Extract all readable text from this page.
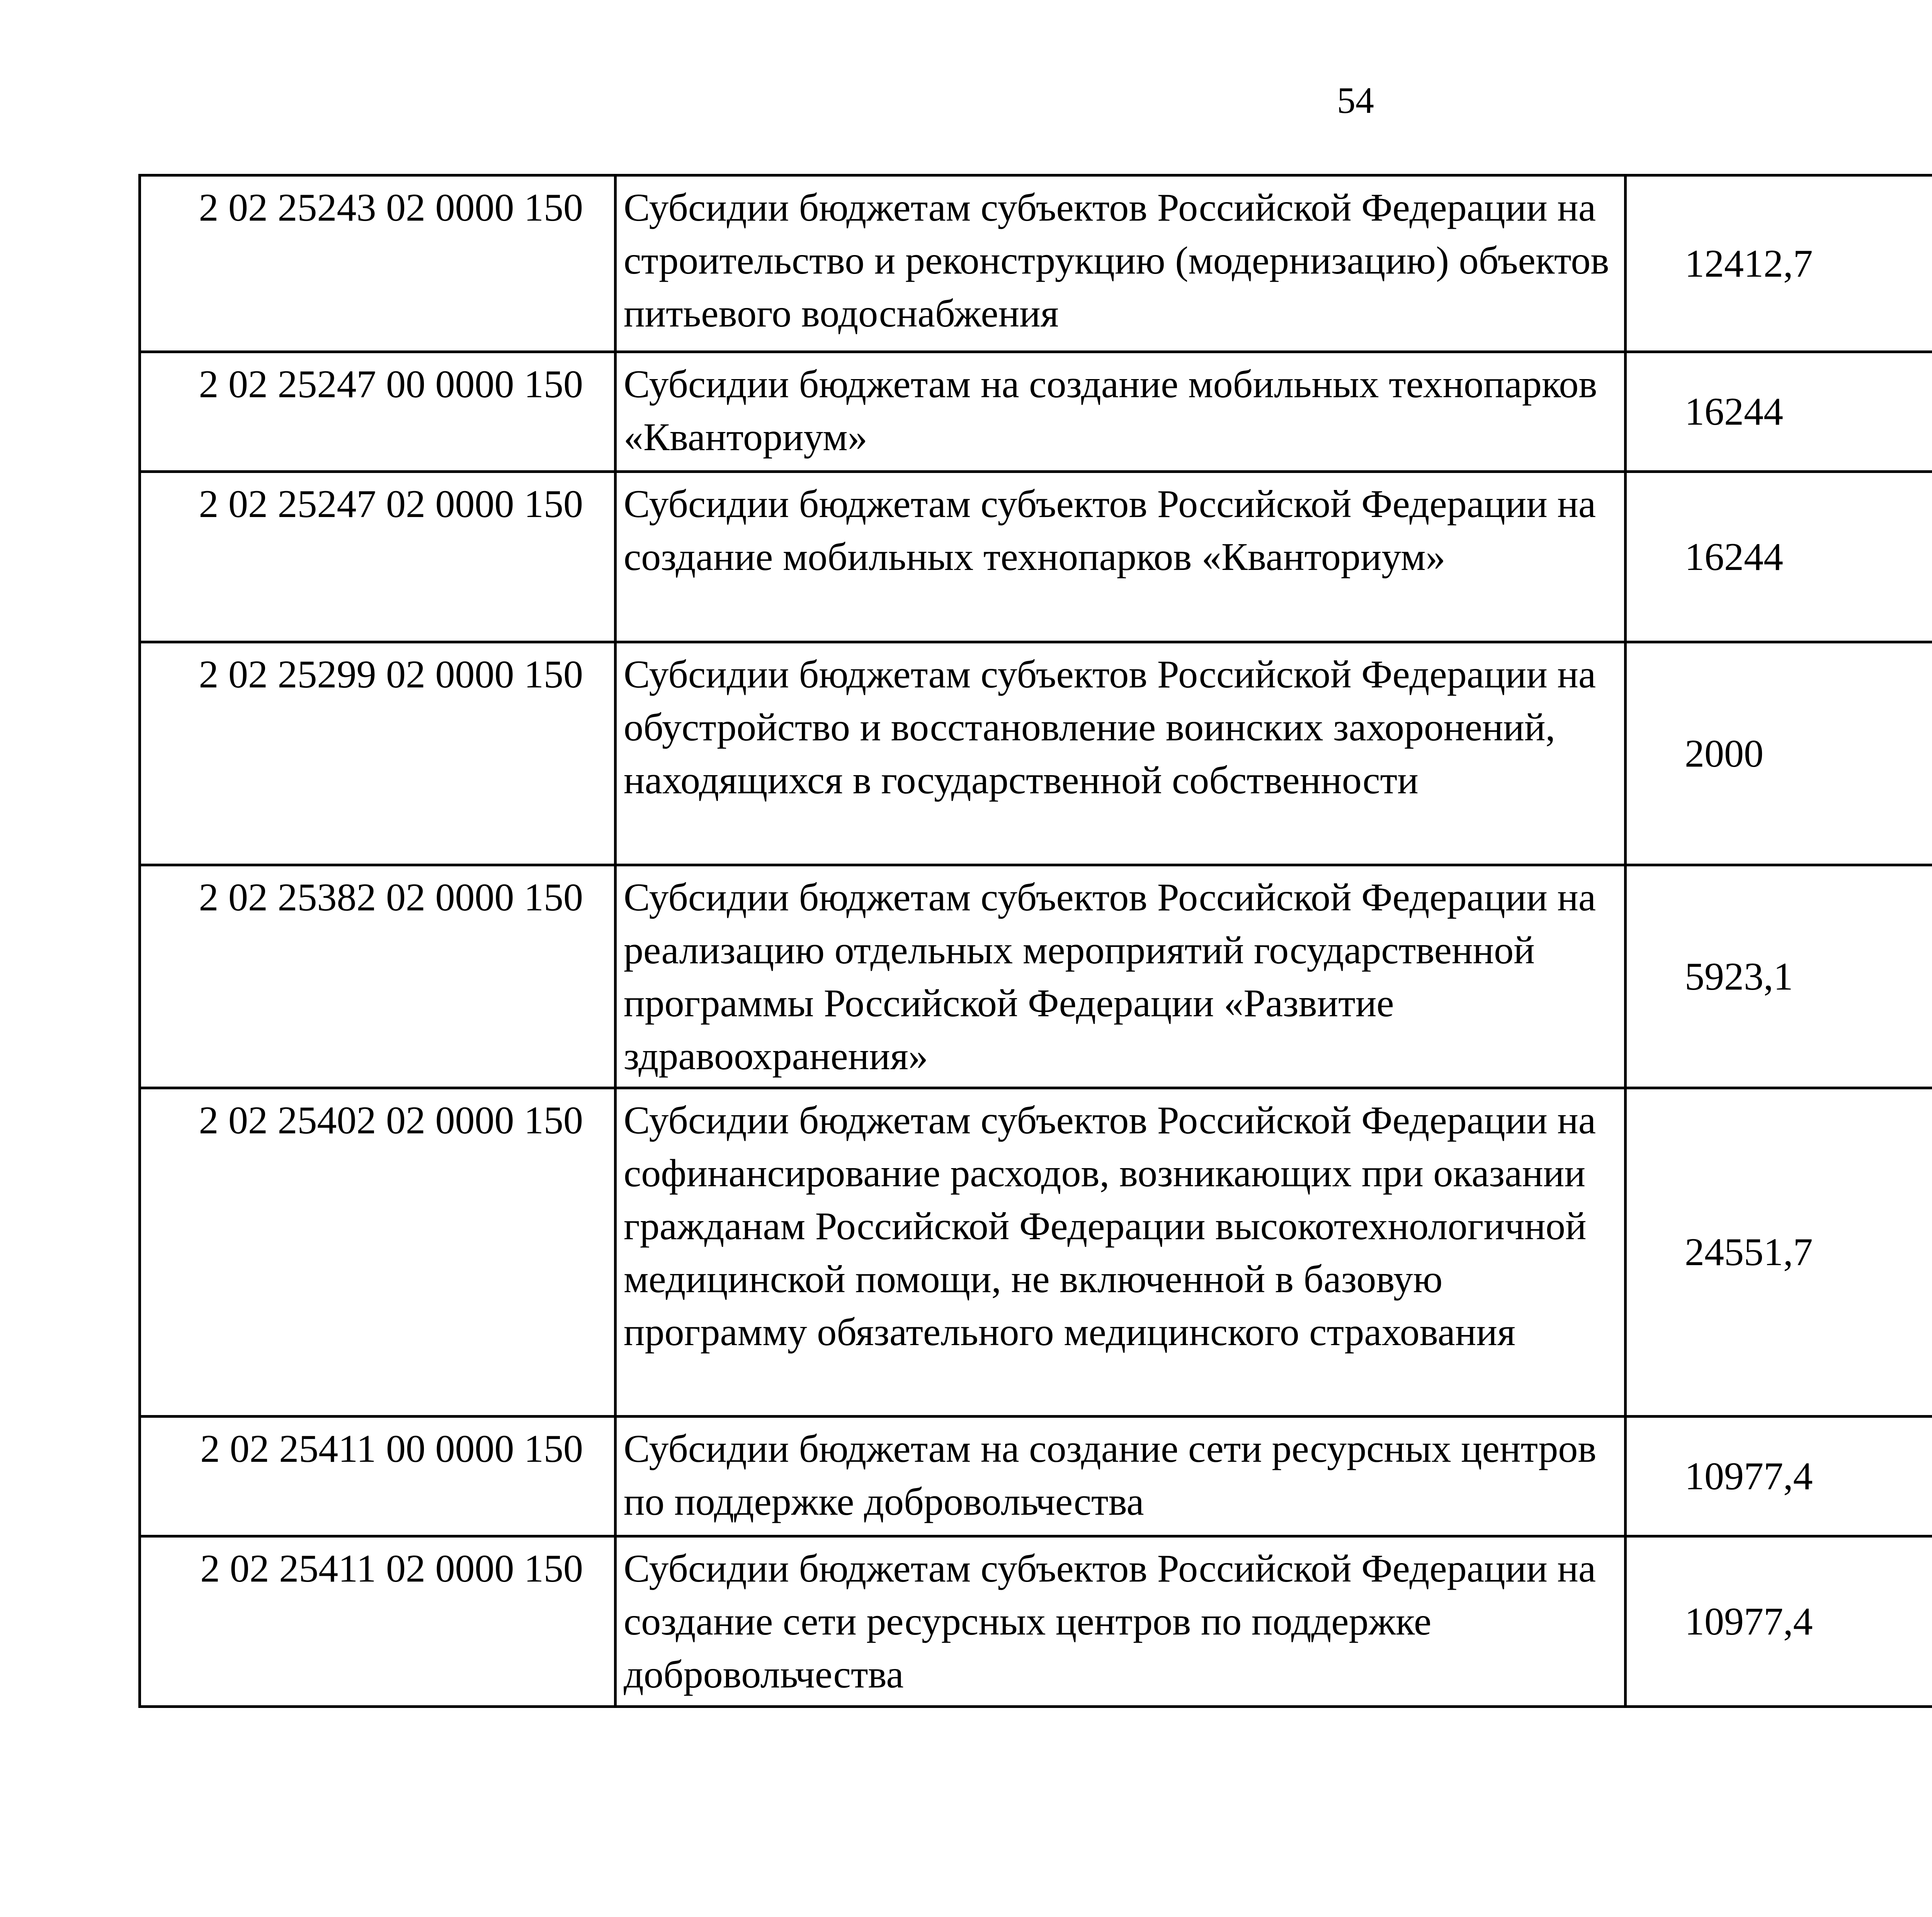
54
2 02 25243 02 0000 150	Субсидии бюджетам субъектов Российской Федерации на строительство и реконструкцию (модернизацию) объектов питьевого водоснабжения	12412,7		
2 02 25247 00 0000 150	Субсидии бюджетам на создание мобильных технопарков «Кванториум»	16244		
2 02 25247 02 0000 150	Субсидии бюджетам субъектов Российской Федерации на создание мобильных технопарков «Кванториум»	16244		
2 02 25299 02 0000 150	Субсидии бюджетам субъектов Российской Федерации на обустройство и восстановление воинских захоронений, находящихся в государственной собственности	2000		
2 02 25382 02 0000 150	Субсидии бюджетам субъектов Российской Федерации на реализацию отдельных мероприятий государственной программы Российской Федерации «Развитие здравоохранения»	5923,1		
2 02 25402 02 0000 150	Субсидии бюджетам субъектов Российской Федерации на софинансирование расходов, возникающих при оказании гражданам Российской Федерации высокотехнологичной медицинской помощи, не включенной в базовую программу обязательного медицинского страхования	24551,7		
2 02 25411 00 0000 150	Субсидии бюджетам на создание сети ресурсных центров по поддержке добровольчества	10977,4		
2 02 25411 02 0000 150	Субсидии бюджетам субъектов Российской Федерации на создание сети ресурсных центров по поддержке добровольчества	10977,4		
